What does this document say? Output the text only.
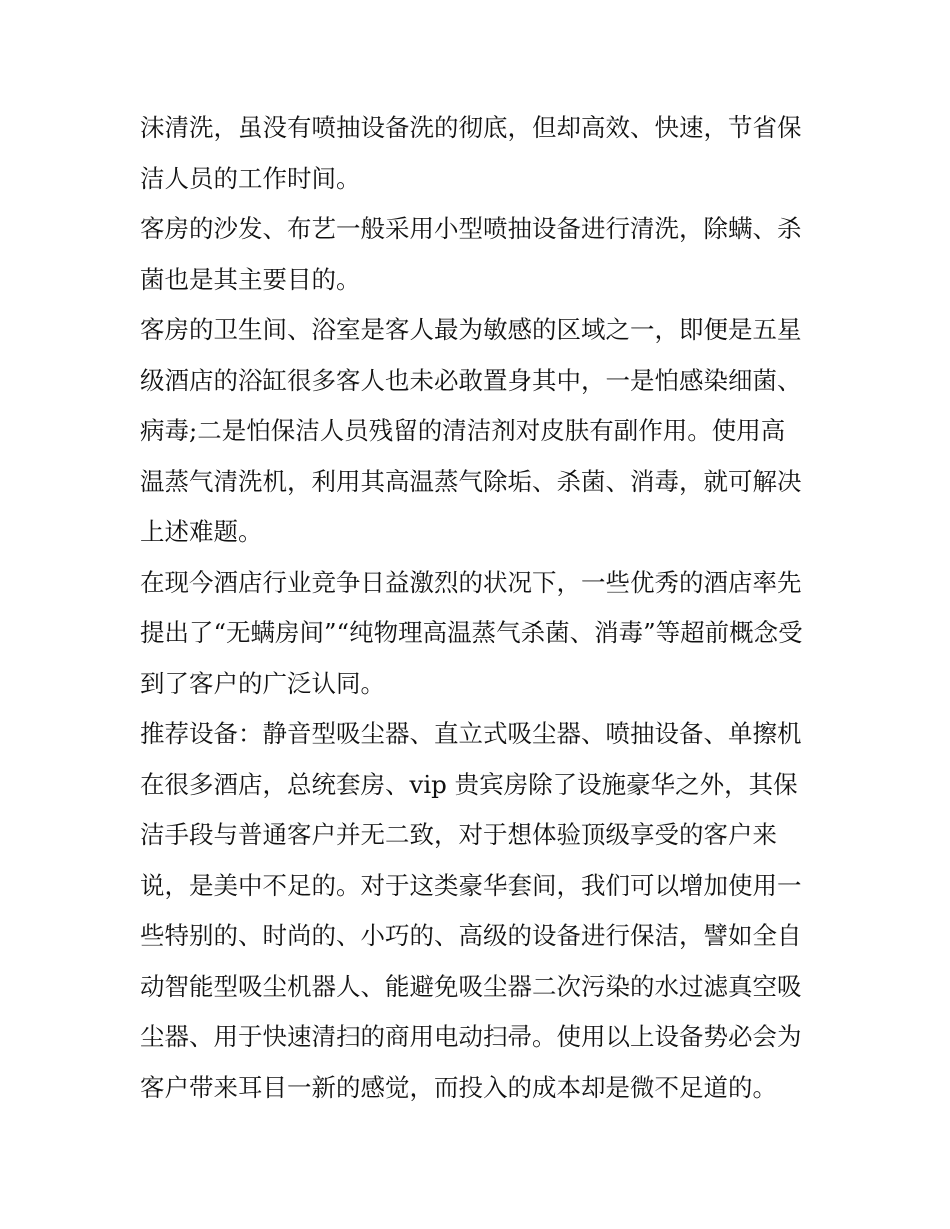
沫清洗，虽没有喷抽设备洗的彻底，但却高效、快速，节省保
洁人员的工作时间。
客房的沙发、布艺一般采用小型喷抽设备进行清洗，除螨、杀
菌也是其主要目的。
客房的卫生间、浴室是客人最为敏感的区域之一，即便是五星
级酒店的浴缸很多客人也未必敢置身其中，一是怕感染细菌、
病毒;二是怕保洁人员残留的清洁剂对皮肤有副作用。使用高
温蒸气清洗机，利用其高温蒸气除垢、杀菌、消毒，就可解决
上述难题。
在现今酒店行业竞争日益激烈的状况下，一些优秀的酒店率先
提出了“无螨房间”“纯物理高温蒸气杀菌、消毒”等超前概念受
到了客户的广泛认同。
推荐设备：静音型吸尘器、直立式吸尘器、喷抽设备、单擦机
在很多酒店，总统套房、vip 贵宾房除了设施豪华之外，其保
洁手段与普通客户并无二致，对于想体验顶级享受的客户来
说，是美中不足的。对于这类豪华套间，我们可以增加使用一
些特别的、时尚的、小巧的、高级的设备进行保洁，譬如全自
动智能型吸尘机器人、能避免吸尘器二次污染的水过滤真空吸
尘器、用于快速清扫的商用电动扫帚。使用以上设备势必会为
客户带来耳目一新的感觉，而投入的成本却是微不足道的。
